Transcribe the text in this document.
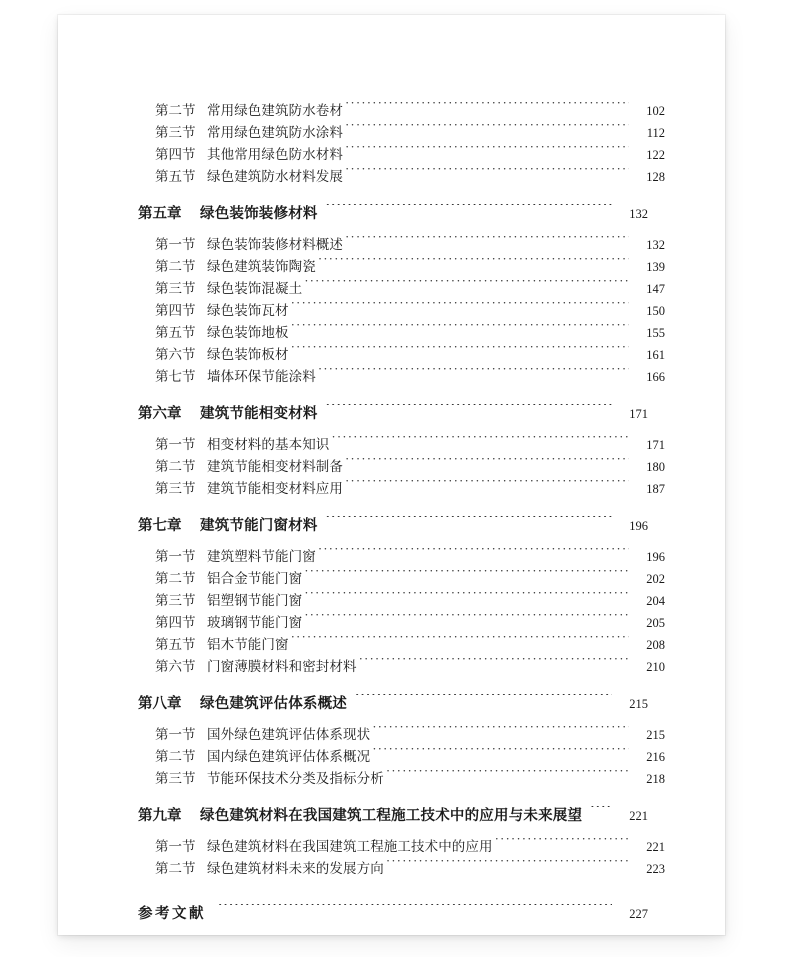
第二节 常用绿色建筑防水卷材 ·····	102
第三节 常用绿色建筑防水涂料 ·····	112
第四节 其他常用绿色防水材料 ·····	122
第五节 绿色建筑防水材料发展 ·····	128
第五章 绿色装饰装修材料 ·····	132
第一节 绿色装饰装修材料概述 ·····	132
第二节 绿色建筑装饰陶瓷 ·····	139
第三节 绿色装饰混凝土 ·····	147
第四节 绿色装饰瓦材 ·····	150
第五节 绿色装饰地板 ·····	155
第六节 绿色装饰板材 ·····	161
第七节 墙体环保节能涂料 ·····	166
第六章 建筑节能相变材料 ·····	171
第一节 相变材料的基本知识 ·····	171
第二节 建筑节能相变材料制备 ·····	180
第三节 建筑节能相变材料应用 ·····	187
第七章 建筑节能门窗材料 ·····	196
第一节 建筑塑料节能门窗 ·····	196
第二节 铝合金节能门窗 ·····	202
第三节 铝塑钢节能门窗 ·····	204
第四节 玻璃钢节能门窗 ·····	205
第五节 铝木节能门窗 ·····	208
第六节 门窗薄膜材料和密封材料 ·····	210
第八章 绿色建筑评估体系概述 ·····	215
第一节 国外绿色建筑评估体系现状 ·····	215
第二节 国内绿色建筑评估体系概况 ·····	216
第三节 节能环保技术分类及指标分析 ·····	218
第九章 绿色建筑材料在我国建筑工程施工技术中的应用与未来展望 ·····	221
第一节 绿色建筑材料在我国建筑工程施工技术中的应用 ·····	221
第二节 绿色建筑材料未来的发展方向 ·····	223
参考文献 ·····	227
